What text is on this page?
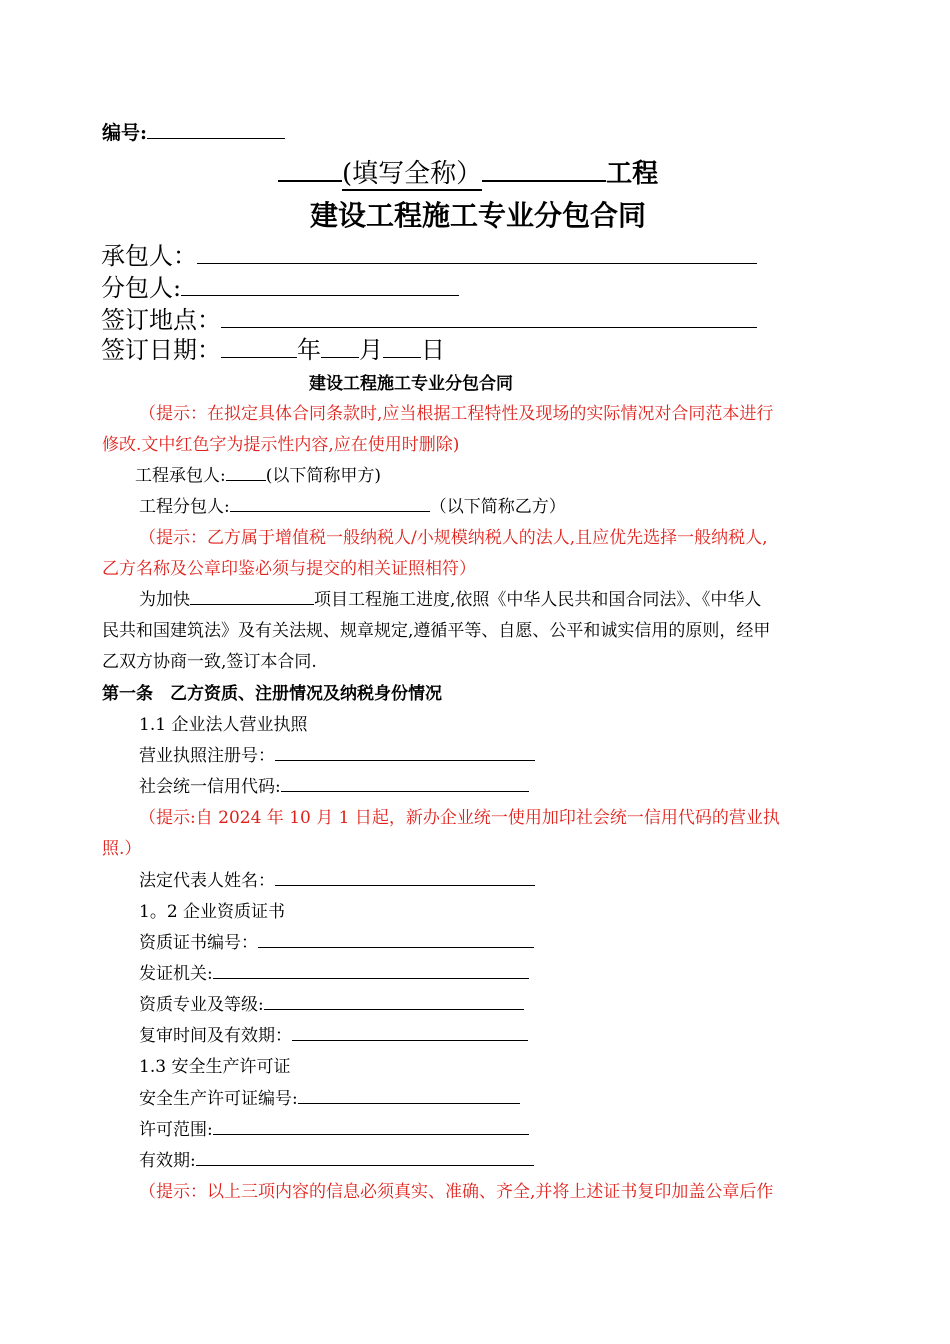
编号:
(填写全称）	工程
建设工程施工专业分包合同
承包人：
分包人:
签订地点：
签订日期：	年 月 日
建设工程施工专业分包合同
（提示：在拟定具体合同条款时,应当根据工程特性及现场的实际情况对合同范本进行
修改.文中红色字为提示性内容,应在使用时删除)
工程承包人: (以下简称甲方)
工程分包人:	（以下简称乙方）
（提示：乙方属于增值税一般纳税人/小规模纳税人的法人,且应优先选择一般纳税人,
乙方名称及公章印鉴必须与提交的相关证照相符）
为加快	项目工程施工进度,依照《中华人民共和国合同法》、《中华人
民共和国建筑法》及有关法规、规章规定,遵循平等、自愿、公平和诚实信用的原则，经甲
乙双方协商一致,签订本合同.
第一条　乙方资质、注册情况及纳税身份情况
1.1 企业法人营业执照
营业执照注册号：
社会统一信用代码:
（提示:自 2024 年 10 月 1 日起，新办企业统一使用加印社会统一信用代码的营业执
照.）
法定代表人姓名：
1。2 企业资质证书
资质证书编号：
发证机关:
资质专业及等级:
复审时间及有效期：
1.3 安全生产许可证
安全生产许可证编号:
许可范围:
有效期:
（提示：以上三项内容的信息必须真实、准确、齐全,并将上述证书复印加盖公章后作
